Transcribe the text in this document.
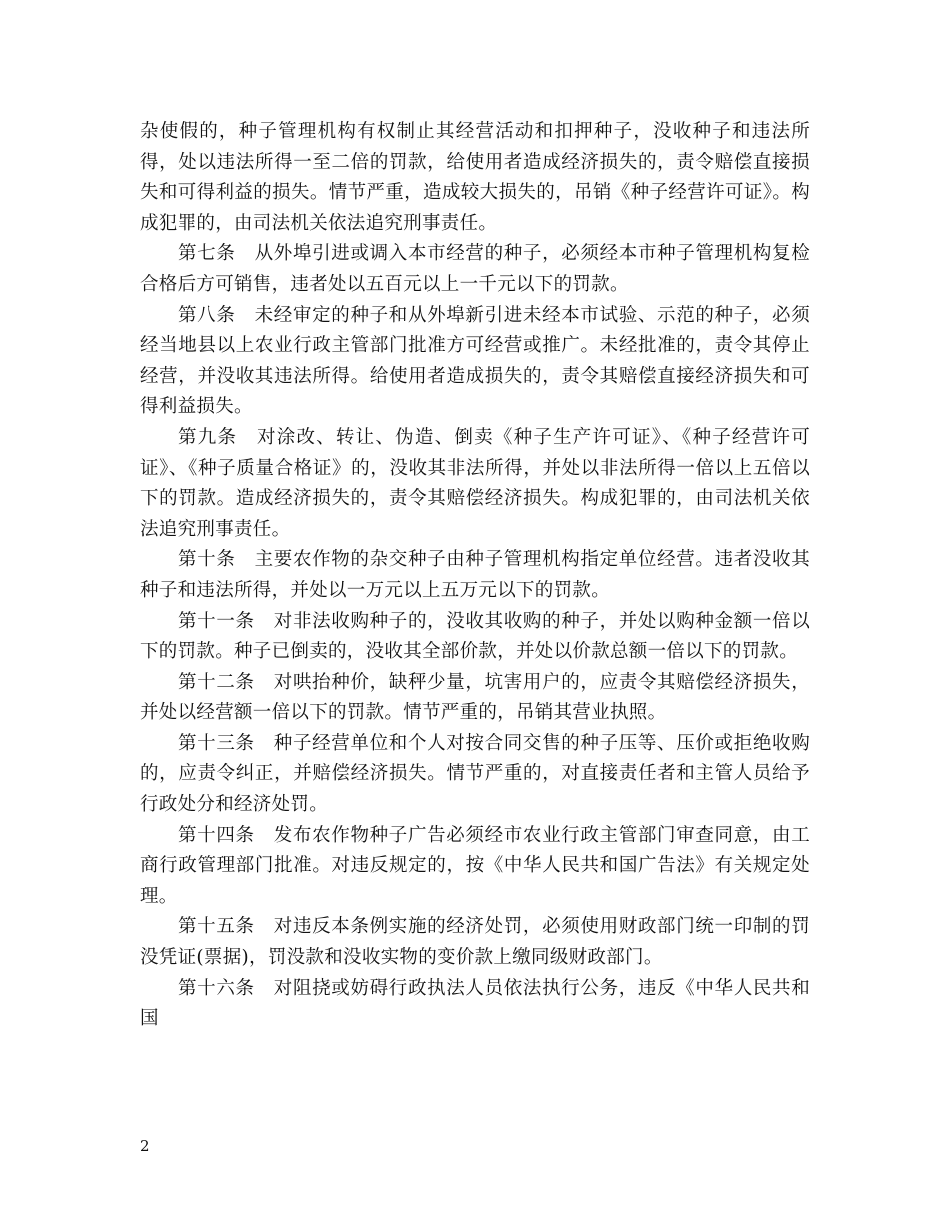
杂使假的，种子管理机构有权制止其经营活动和扣押种子，没收种子和违法所得，处以违法所得一至二倍的罚款，给使用者造成经济损失的，责令赔偿直接损失和可得利益的损失。情节严重，造成较大损失的，吊销《种子经营许可证》。构成犯罪的，由司法机关依法追究刑事责任。

第七条　从外埠引进或调入本市经营的种子，必须经本市种子管理机构复检合格后方可销售，违者处以五百元以上一千元以下的罚款。

第八条　未经审定的种子和从外埠新引进未经本市试验、示范的种子，必须经当地县以上农业行政主管部门批准方可经营或推广。未经批准的，责令其停止经营，并没收其违法所得。给使用者造成损失的，责令其赔偿直接经济损失和可得利益损失。

第九条　对涂改、转让、伪造、倒卖《种子生产许可证》、《种子经营许可证》、《种子质量合格证》的，没收其非法所得，并处以非法所得一倍以上五倍以下的罚款。造成经济损失的，责令其赔偿经济损失。构成犯罪的，由司法机关依法追究刑事责任。

第十条　主要农作物的杂交种子由种子管理机构指定单位经营。违者没收其种子和违法所得，并处以一万元以上五万元以下的罚款。

第十一条　对非法收购种子的，没收其收购的种子，并处以购种金额一倍以下的罚款。种子已倒卖的，没收其全部价款，并处以价款总额一倍以下的罚款。

第十二条　对哄抬种价，缺秤少量，坑害用户的，应责令其赔偿经济损失，并处以经营额一倍以下的罚款。情节严重的，吊销其营业执照。

第十三条　种子经营单位和个人对按合同交售的种子压等、压价或拒绝收购的，应责令纠正，并赔偿经济损失。情节严重的，对直接责任者和主管人员给予行政处分和经济处罚。

第十四条　发布农作物种子广告必须经市农业行政主管部门审查同意，由工商行政管理部门批准。对违反规定的，按《中华人民共和国广告法》有关规定处理。

第十五条　对违反本条例实施的经济处罚，必须使用财政部门统一印制的罚没凭证(票据)，罚没款和没收实物的变价款上缴同级财政部门。

第十六条　对阻挠或妨碍行政执法人员依法执行公务，违反《中华人民共和国

2
